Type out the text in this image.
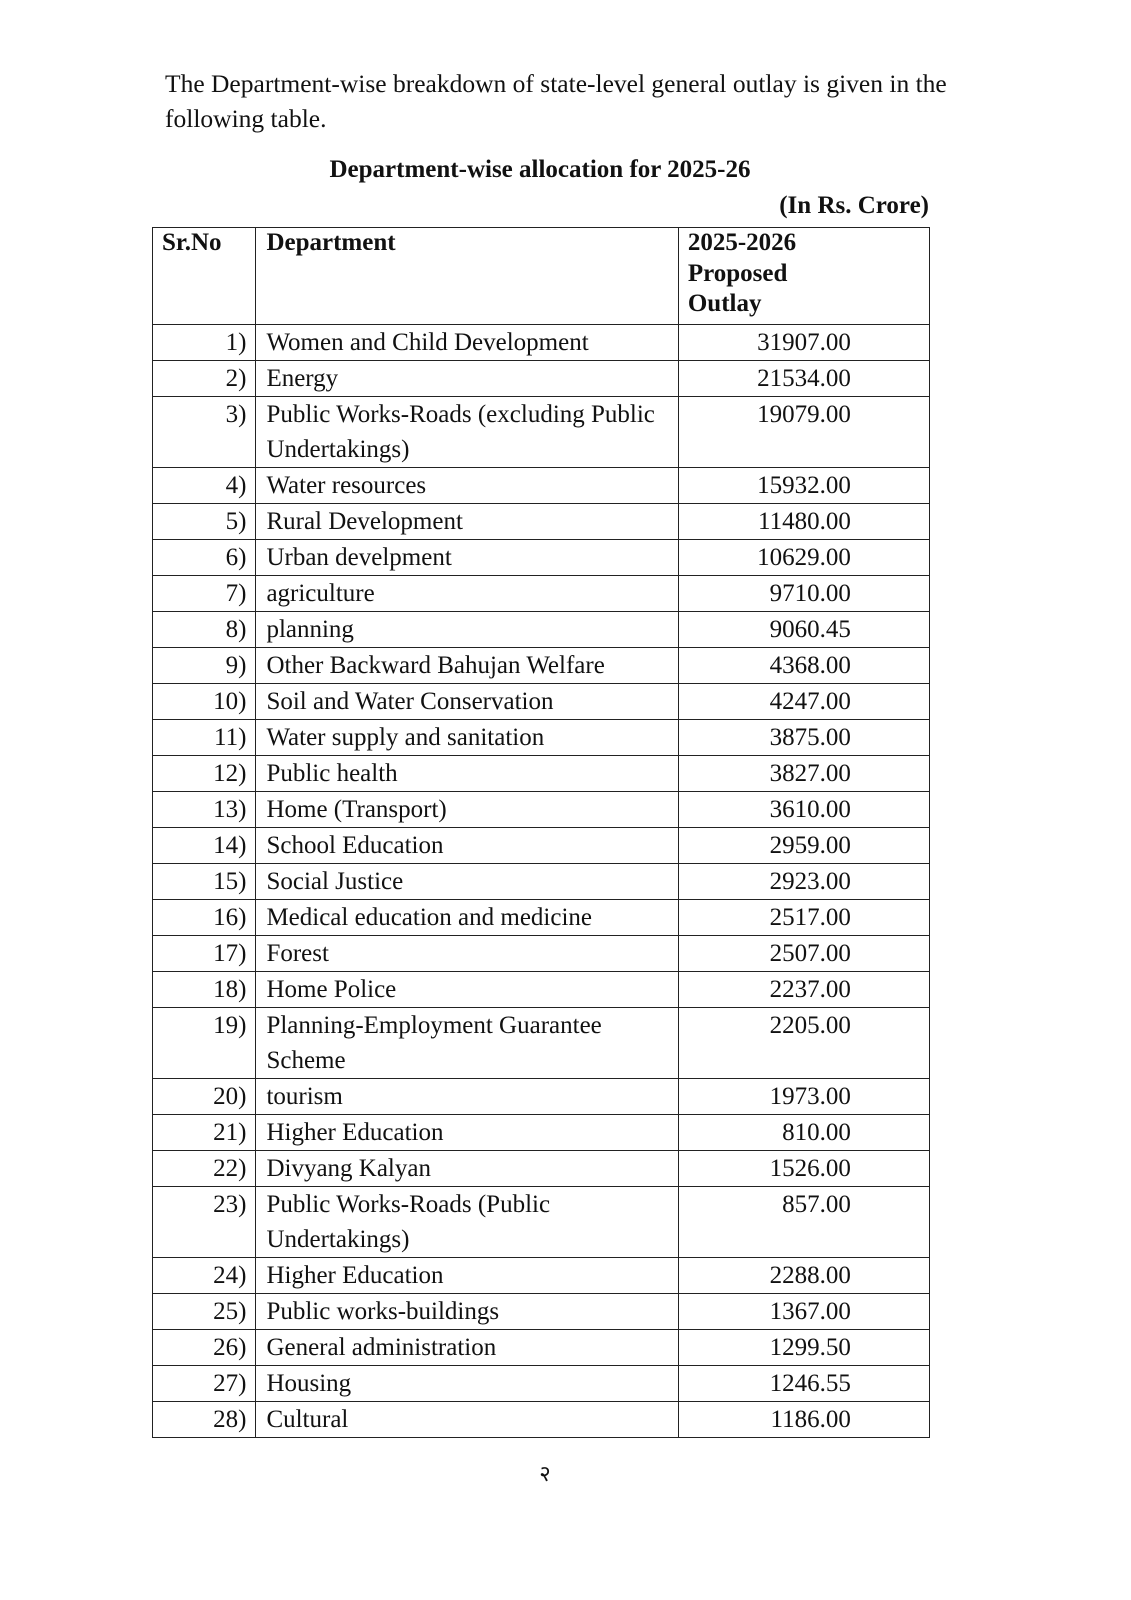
The Department-wise breakdown of state-level general outlay is given in the following table.

Department-wise allocation for 2025-26

(In Rs. Crore)

Sr.No	Department	2025-2026
Proposed
Outlay
1)	Women and Child Development	31907.00

2)	Energy	21534.00

3)	Public Works-Roads (excluding Public Undertakings)	19079.00

4)	Water resources	15932.00

5)	Rural Development	11480.00

6)	Urban develpment	10629.00

7)	agriculture	9710.00

8)	planning	9060.45

9)	Other Backward Bahujan Welfare	4368.00

10)	Soil and Water Conservation	4247.00

11)	Water supply and sanitation	3875.00

12)	Public health	3827.00

13)	Home (Transport)	3610.00

14)	School Education	2959.00

15)	Social Justice	2923.00

16)	Medical education and medicine	2517.00

17)	Forest	2507.00

18)	Home Police	2237.00

19)	Planning-Employment Guarantee Scheme	2205.00

20)	tourism	1973.00

21)	Higher Education	810.00

22)	Divyang Kalyan	1526.00

23)	Public Works-Roads (Public Undertakings)	857.00

24)	Higher Education	2288.00

25)	Public works-buildings	1367.00

26)	General administration	1299.50

27)	Housing	1246.55

28)	Cultural	1186.00

२
